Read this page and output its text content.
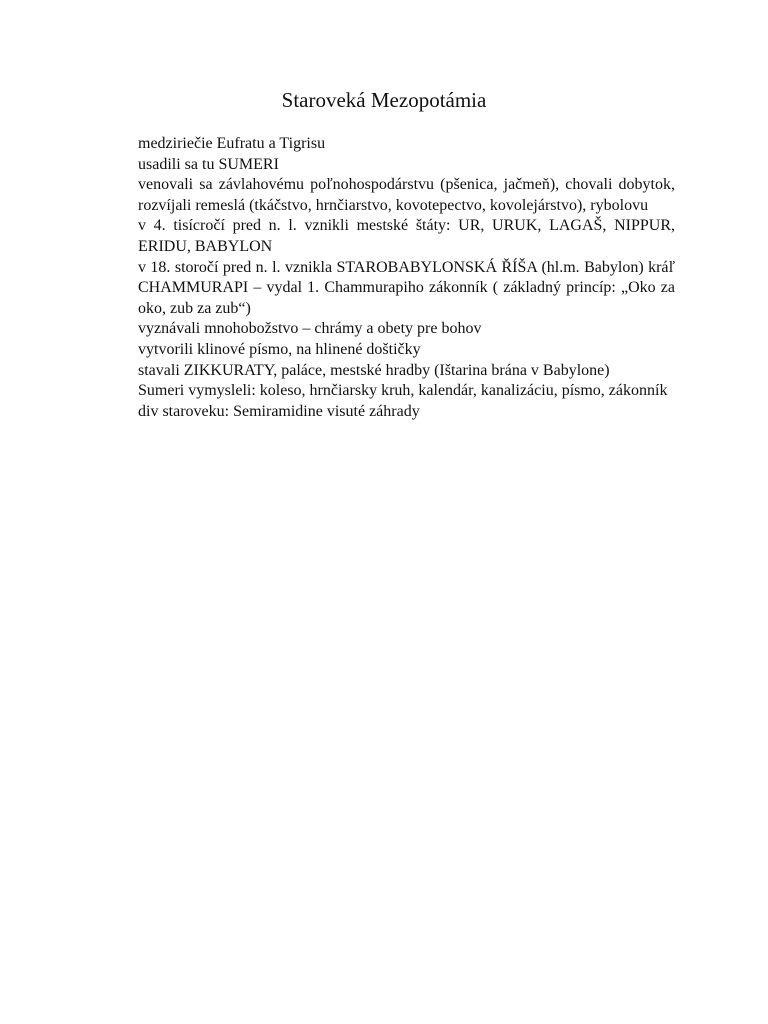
Staroveká Mezopotámia

medziriečie Eufratu a Tigrisu

usadili sa tu SUMERI

venovali sa závlahovému poľnohospodárstvu (pšenica, jačmeň), chovali dobytok, rozvíjali remeslá (tkáčstvo, hrnčiarstvo, kovotepectvo, kovolejárstvo), rybolovu

v 4. tisícročí pred n. l. vznikli mestské štáty: UR, URUK, LAGAŠ, NIPPUR, ERIDU, BABYLON

v 18. storočí pred n. l. vznikla STAROBABYLONSKÁ ŘÍŠA (hl.m. Babylon) kráľ CHAMMURAPI – vydal 1. Chammurapiho zákonník ( základný princíp: „Oko za oko, zub za zub“)

vyznávali mnohobožstvo – chrámy a obety pre bohov

vytvorili klinové písmo, na hlinené doštičky

stavali ZIKKURATY, paláce, mestské hradby (Ištarina brána v Babylone)

Sumeri vymysleli: koleso, hrnčiarsky kruh, kalendár, kanalizáciu, písmo, zákonník

div staroveku: Semiramidine visuté záhrady
